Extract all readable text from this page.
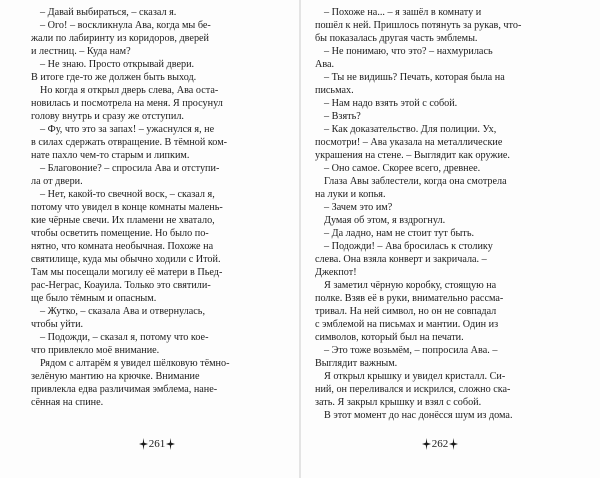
– Давай выбираться, – сказал я.

– Ого! – воскликнула Ава, когда мы бе-
жали по лабиринту из коридоров, дверей
и лестниц. – Куда нам?

– Не знаю. Просто открывай двери.
В итоге где-то же должен быть выход.

Но когда я открыл дверь слева, Ава оста-
новилась и посмотрела на меня. Я просунул
голову внутрь и сразу же отступил.

– Фу, что это за запах! – ужаснулся я, не
в силах сдержать отвращение. В тёмной ком-
нате пахло чем-то старым и липким.

– Благовоние? – спросила Ава и отступи-
ла от двери.

– Нет, какой-то свечной воск, – сказал я,
потому что увидел в конце комнаты малень-
кие чёрные свечи. Их пламени не хватало,
чтобы осветить помещение. Но было по-
нятно, что комната необычная. Похоже на
святилище, куда мы обычно ходили с Итой.
Там мы посещали могилу её матери в Пьед-
рас-Неграс, Коауила. Только это святили-
ще было тёмным и опасным.

– Жутко, – сказала Ава и отвернулась,
чтобы уйти.

– Подожди, – сказал я, потому что кое-
что привлекло моё внимание.

Рядом с алтарём я увидел шёлковую тёмно-
зелёную мантию на крючке. Внимание
привлекла едва различимая эмблема, нане-
сённая на спине.

– Похоже на... – я зашёл в комнату и
пошёл к ней. Пришлось потянуть за рукав, что-
бы показалась другая часть эмблемы.

– Не понимаю, что это? – нахмурилась
Ава.

– Ты не видишь? Печать, которая была на
письмах.

– Нам надо взять этой с собой.

– Взять?

– Как доказательство. Для полиции. Ух,
посмотри! – Ава указала на металлические
украшения на стене. – Выглядит как оружие.

– Оно самое. Скорее всего, древнее.

Глаза Авы заблестели, когда она смотрела
на луки и копья.

– Зачем это им?

Думая об этом, я вздрогнул.

– Да ладно, нам не стоит тут быть.

– Подожди! – Ава бросилась к столику
слева. Она взяла конверт и закричала. –
Джекпот!

Я заметил чёрную коробку, стоящую на
полке. Взяв её в руки, внимательно рассма-
тривал. На ней символ, но он не совпадал
с эмблемой на письмах и мантии. Один из
символов, который был на печати.

– Это тоже возьмём, – попросила Ава. –
Выглядит важным.

Я открыл крышку и увидел кристалл. Си-
ний, он переливался и искрился, сложно ска-
зать. Я закрыл крышку и взял с собой.

В этот момент до нас донёсся шум из дома.

261	262
